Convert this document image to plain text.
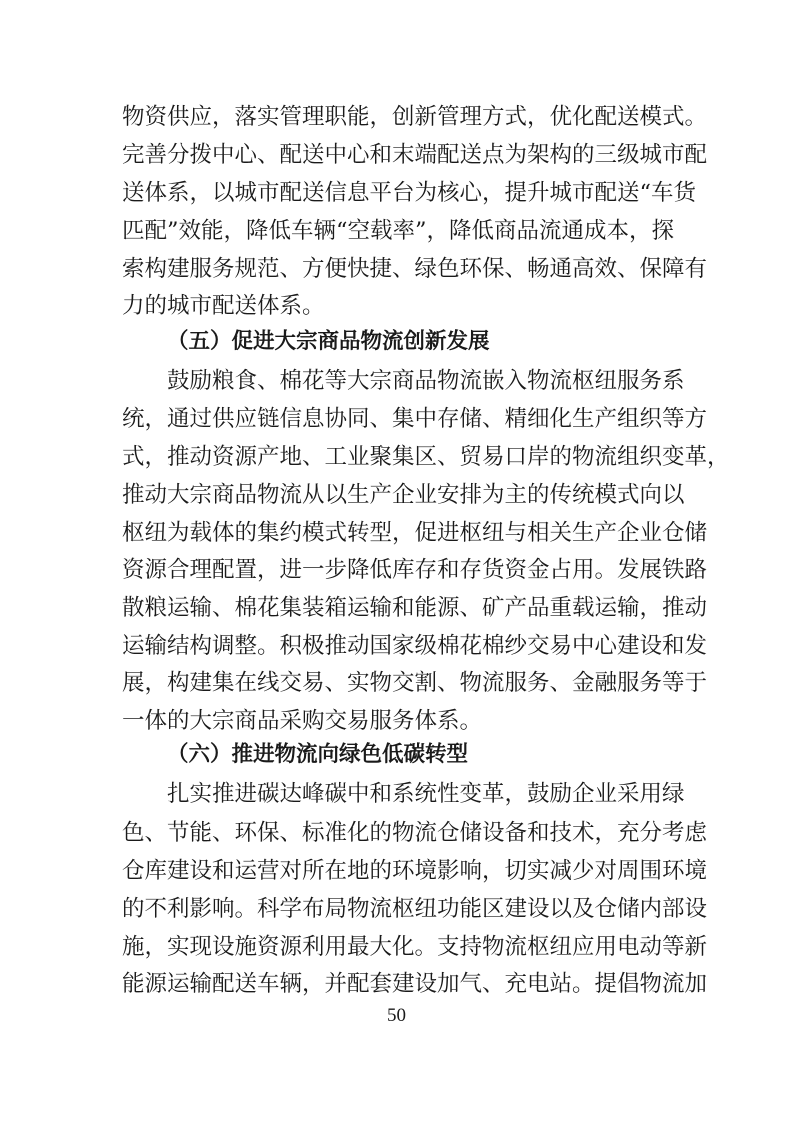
物资供应，落实管理职能，创新管理方式，优化配送模式。
完善分拨中心、配送中心和末端配送点为架构的三级城市配
送体系，以城市配送信息平台为核心，提升城市配送“车货
匹配”效能，降低车辆“空载率”，降低商品流通成本，探
索构建服务规范、方便快捷、绿色环保、畅通高效、保障有
力的城市配送体系。
（五）促进大宗商品物流创新发展
鼓励粮食、棉花等大宗商品物流嵌入物流枢纽服务系
统，通过供应链信息协同、集中存储、精细化生产组织等方
式，推动资源产地、工业聚集区、贸易口岸的物流组织变革，
推动大宗商品物流从以生产企业安排为主的传统模式向以
枢纽为载体的集约模式转型，促进枢纽与相关生产企业仓储
资源合理配置，进一步降低库存和存货资金占用。发展铁路
散粮运输、棉花集装箱运输和能源、矿产品重载运输，推动
运输结构调整。积极推动国家级棉花棉纱交易中心建设和发
展，构建集在线交易、实物交割、物流服务、金融服务等于
一体的大宗商品采购交易服务体系。
（六）推进物流向绿色低碳转型
扎实推进碳达峰碳中和系统性变革，鼓励企业采用绿
色、节能、环保、标准化的物流仓储设备和技术，充分考虑
仓库建设和运营对所在地的环境影响，切实减少对周围环境
的不利影响。科学布局物流枢纽功能区建设以及仓储内部设
施，实现设施资源利用最大化。支持物流枢纽应用电动等新
能源运输配送车辆，并配套建设加气、充电站。提倡物流加
50
